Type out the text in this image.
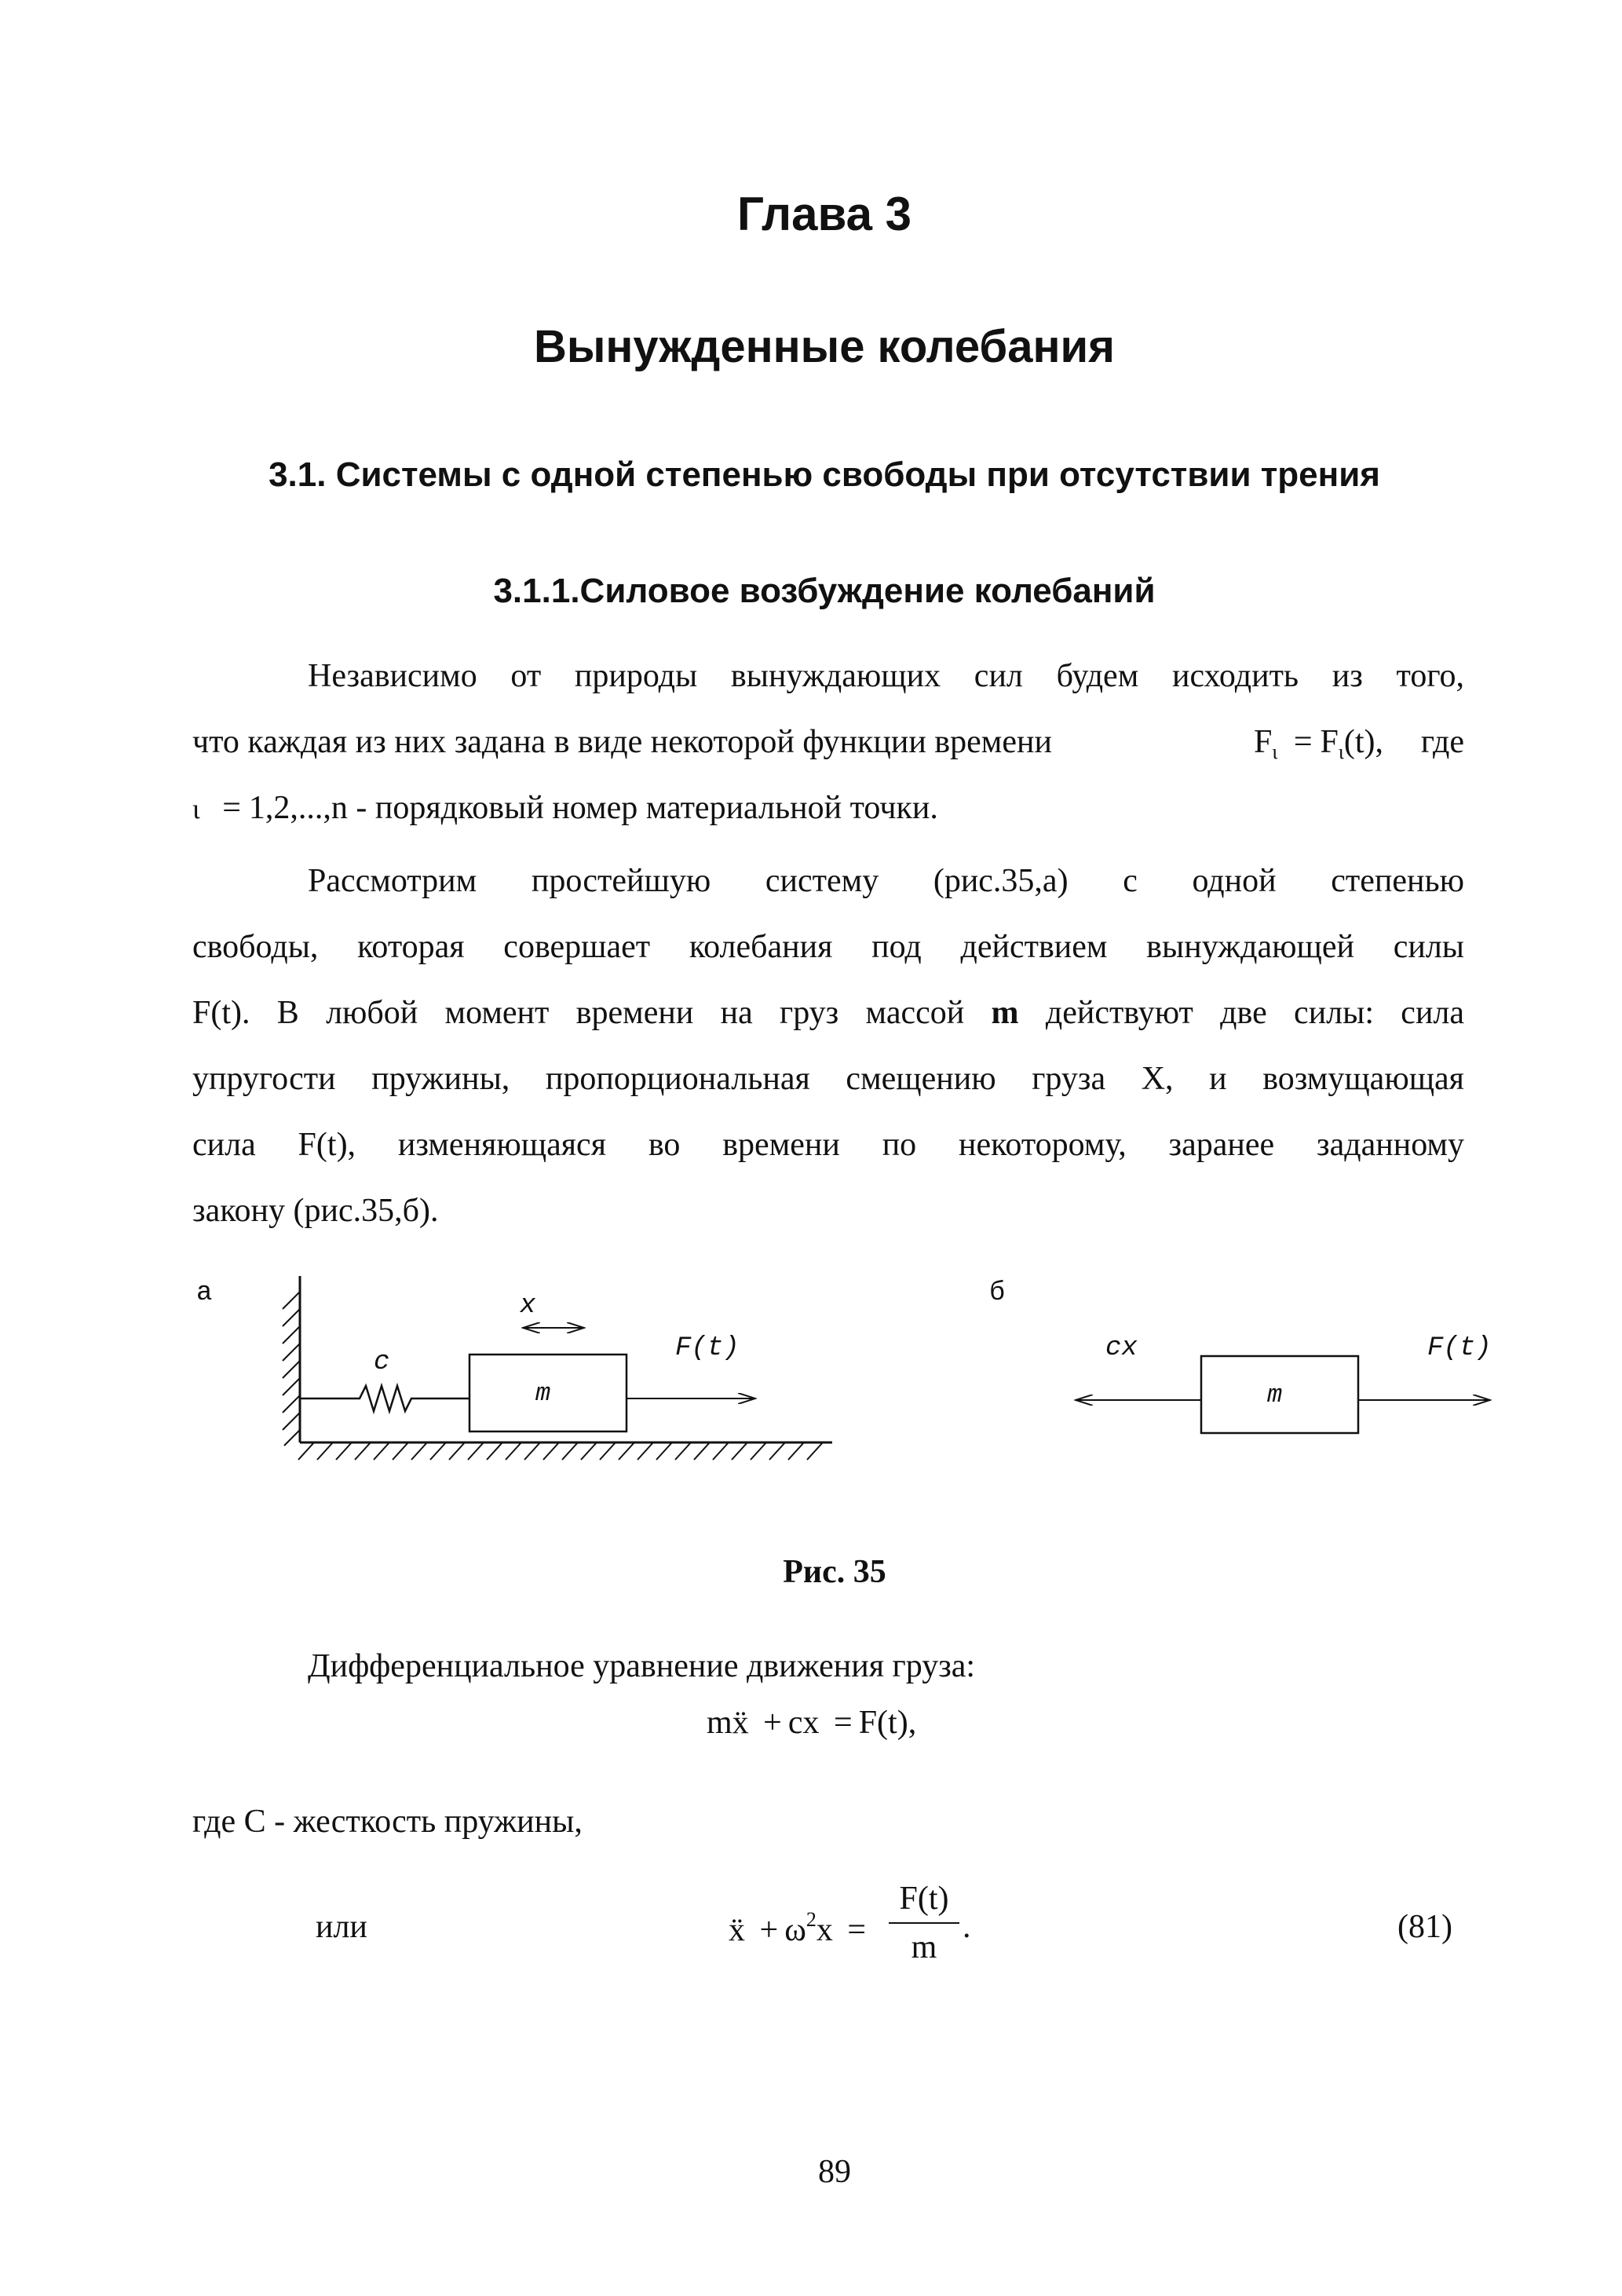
Глава 3
Вынужденные колебания
3.1. Системы с одной степенью свободы при отсутствии трения
3.1.1.Силовое возбуждение колебаний
Независимо от природы вынуждающих сил будем исходить из того,
что каждая из них задана в виде некоторой функции времени	$F_\iota = F_\iota(t)$, где
ι = 1,2,...,n - порядковый номер материальной точки.
Рассмотрим простейшую систему (рис.35,а) с одной степенью
свободы, которая совершает колебания под действием вынуждающей силы
F(t). В любой момент времени на груз массой m действуют две силы: сила
упругости пружины, пропорциональная смещению груза X, и возмущающая
сила F(t), изменяющаяся во времени по некоторому, заранее заданному
закону (рис.35,б).
а
c
m
x
F(t)
б
m
cx	F(t)
Рис. 35
Дифференциальное уравнение движения груза:
mẍ + cx = F(t),
где С - жесткость пружины,
или	ẍ + $\omega^2x$ =
F(t)
m
.	(81)
89
